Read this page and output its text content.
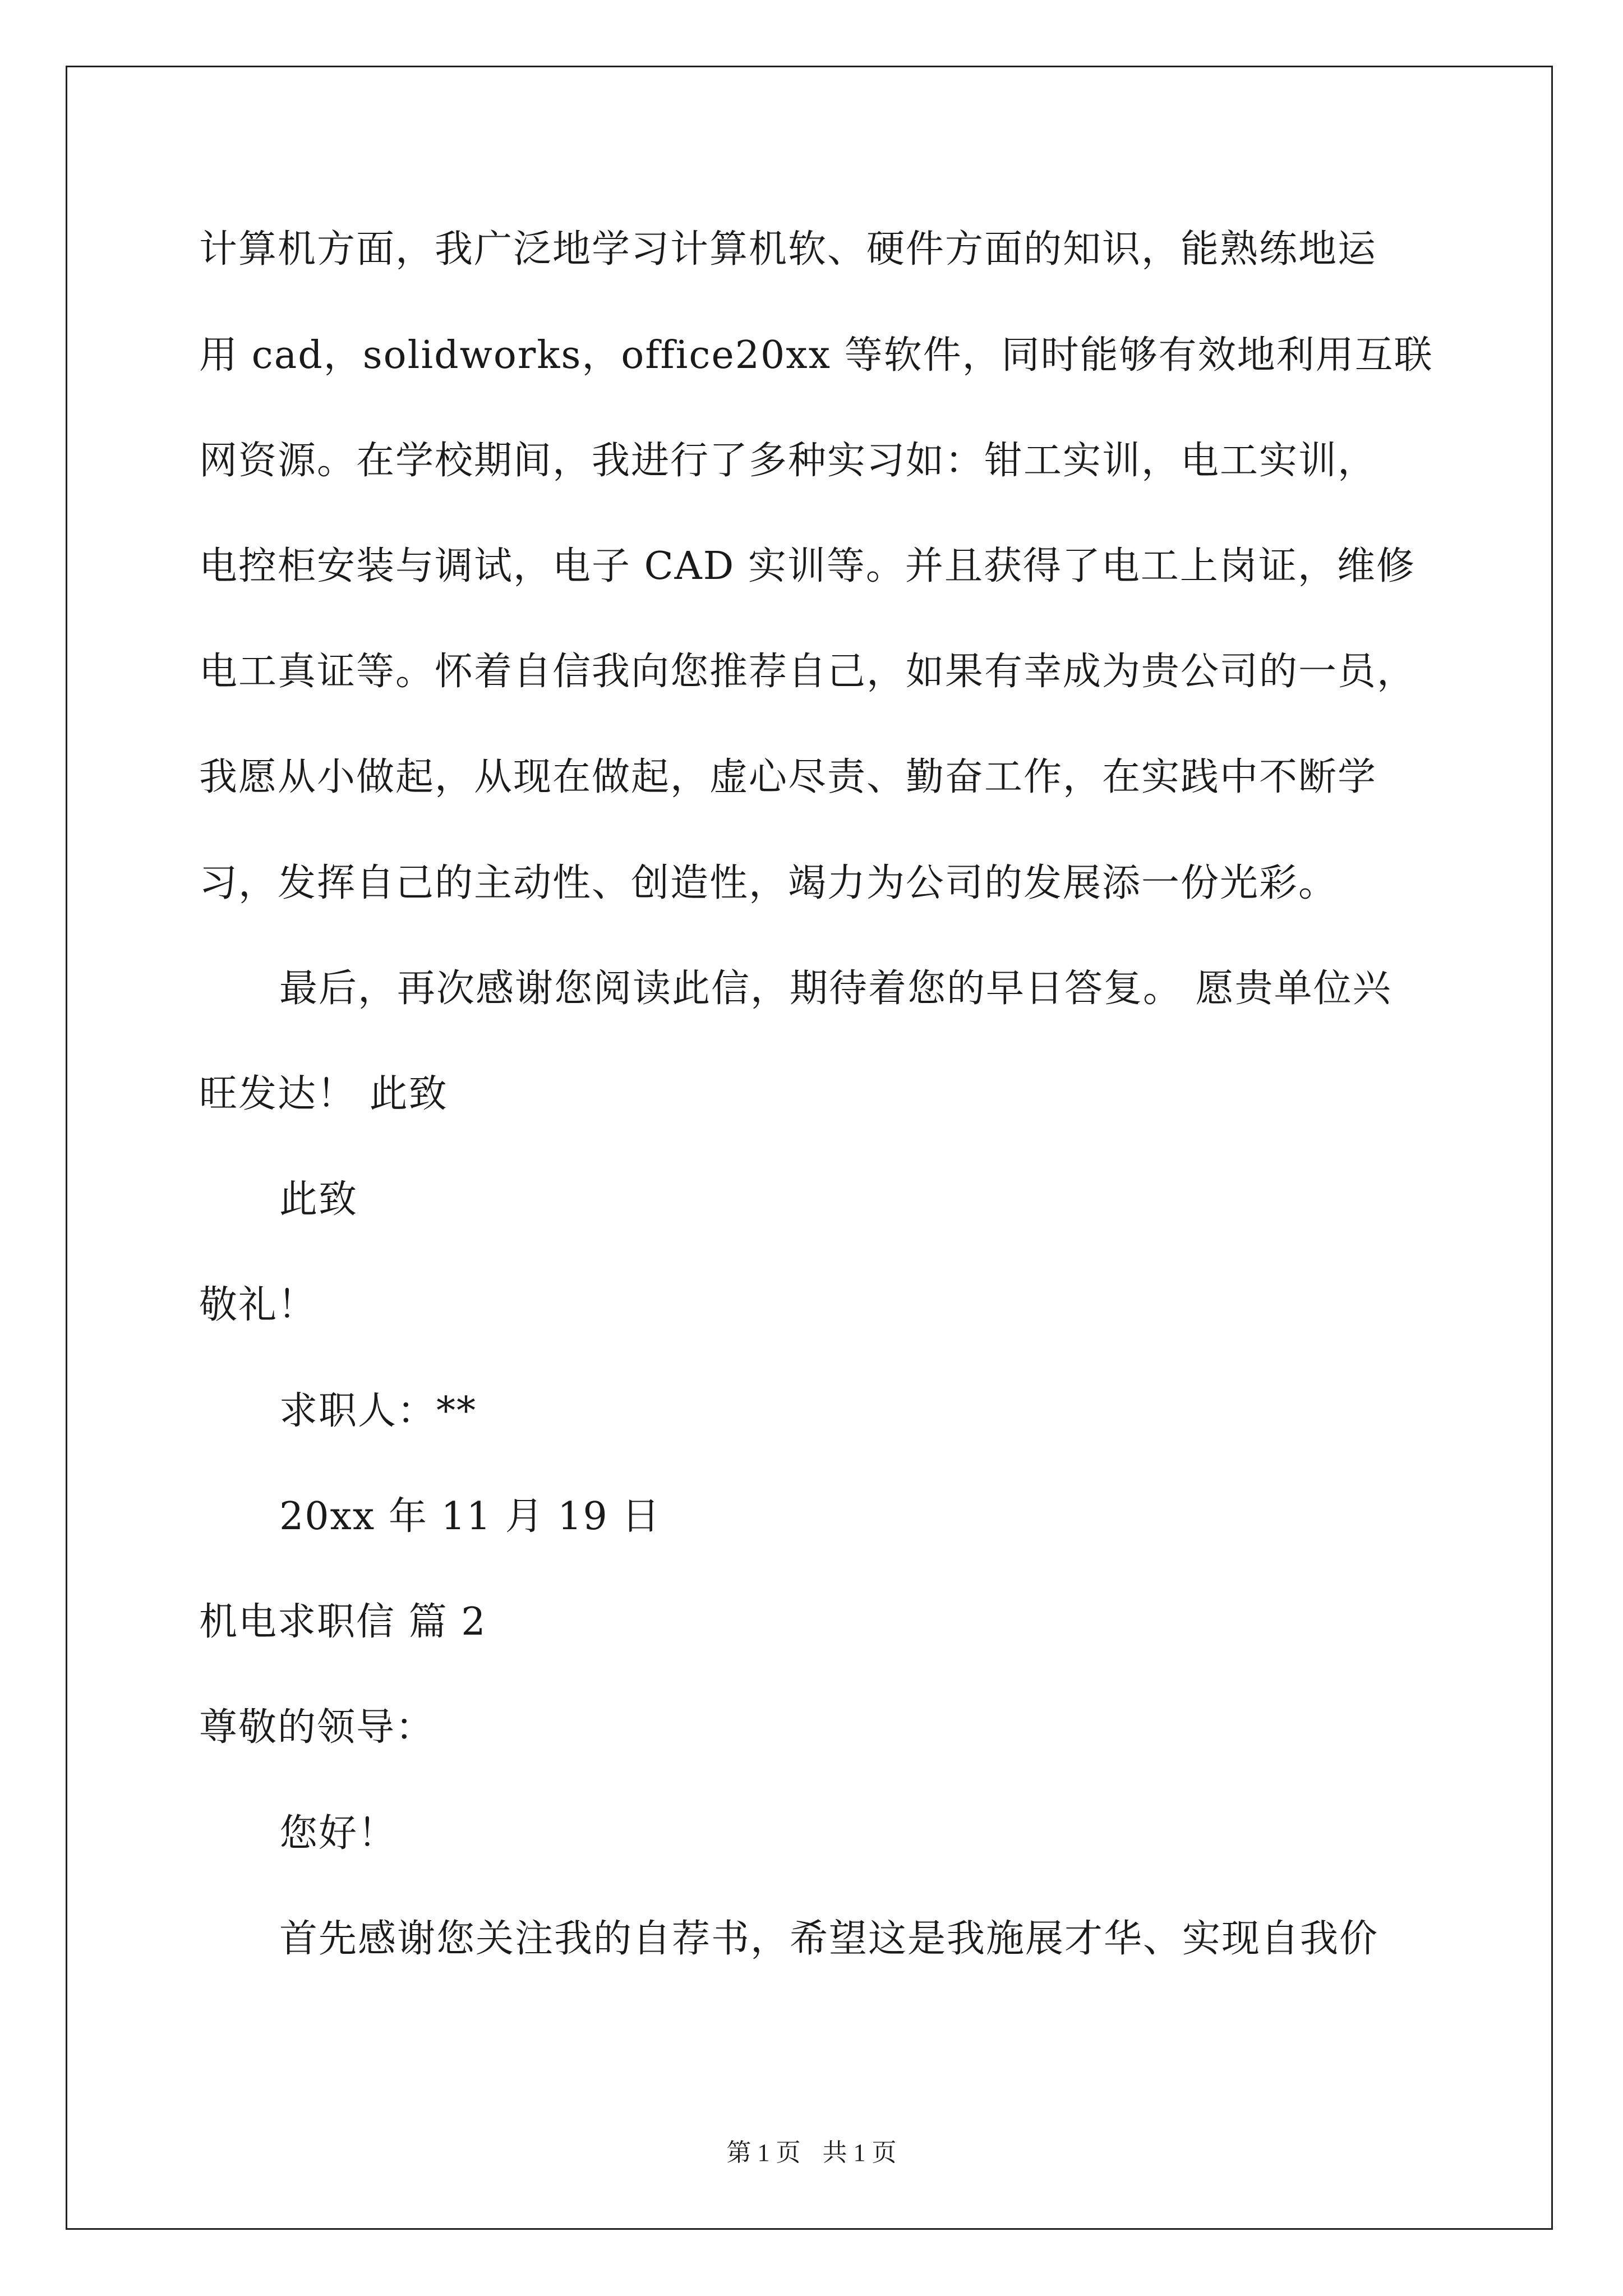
计算机方面，我广泛地学习计算机软、硬件方面的知识，能熟练地运
用 cad，solidworks，office20xx 等软件，同时能够有效地利用互联
网资源。在学校期间，我进行了多种实习如：钳工实训，电工实训，
电控柜安装与调试，电子 CAD 实训等。并且获得了电工上岗证，维修
电工真证等。怀着自信我向您推荐自己，如果有幸成为贵公司的一员，
我愿从小做起，从现在做起，虚心尽责、勤奋工作，在实践中不断学
习，发挥自己的主动性、创造性，竭力为公司的发展添一份光彩。
最后，再次感谢您阅读此信，期待着您的早日答复。 愿贵单位兴
旺发达！ 此致
此致
敬礼！
求职人：**
20xx 年 11 月 19 日
机电求职信 篇 2
尊敬的领导：
您好！
首先感谢您关注我的自荐书，希望这是我施展才华、实现自我价
第 1 页 共 1 页
